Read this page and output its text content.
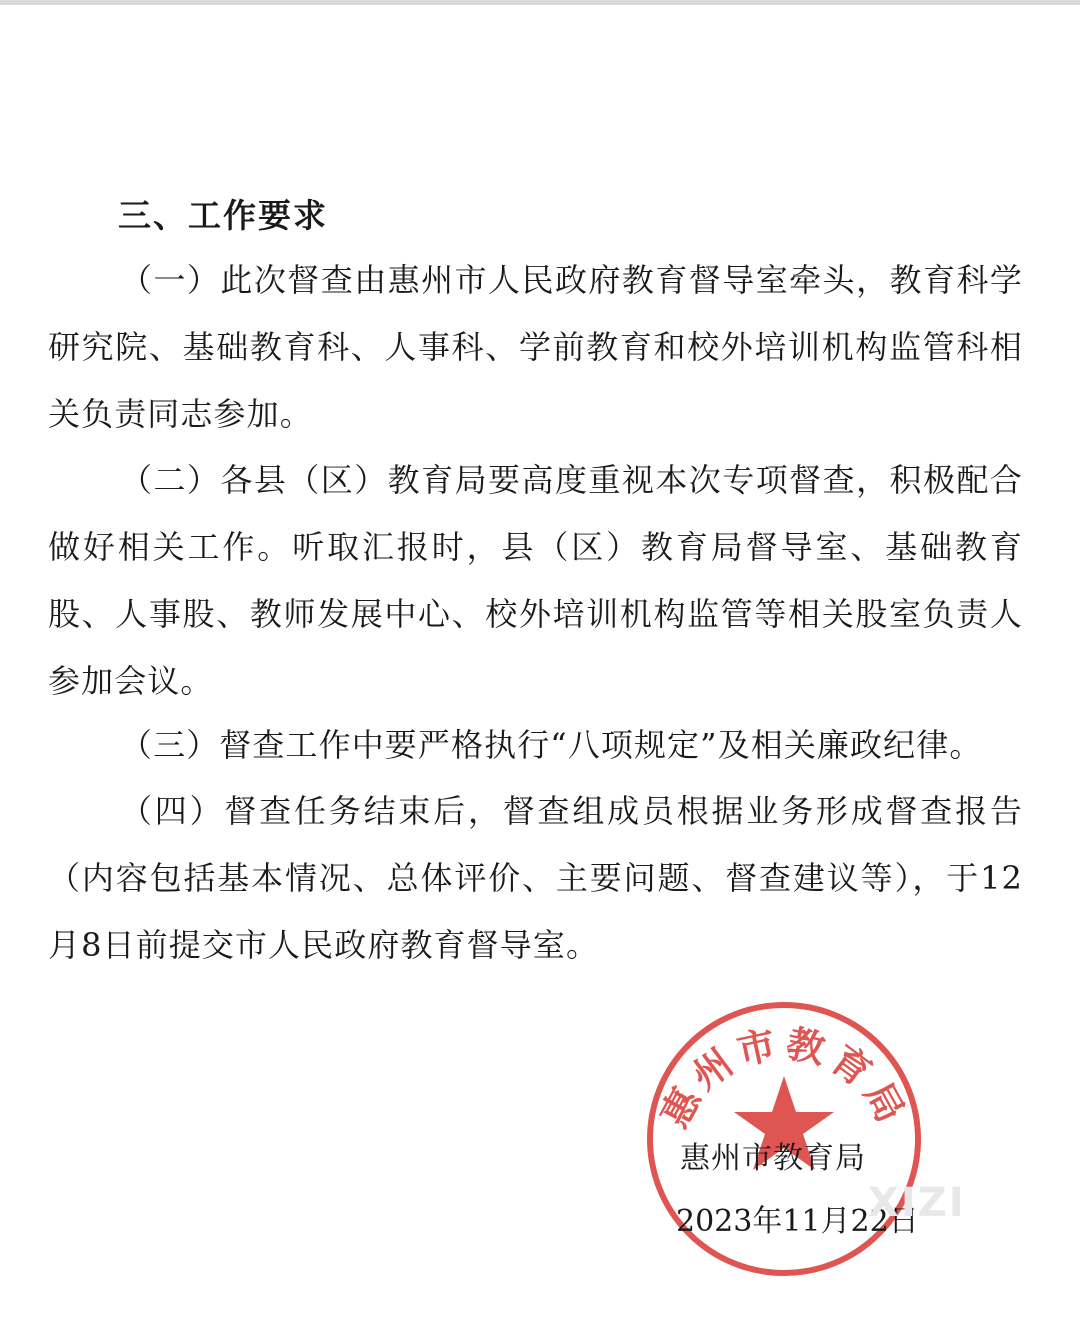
三、工作要求

（一）此次督查由惠州市人民政府教育督导室牵头，教育科学研究院、基础教育科、人事科、学前教育和校外培训机构监管科相关负责同志参加。

（二）各县（区）教育局要高度重视本次专项督查，积极配合做好相关工作。听取汇报时，县（区）教育局督导室、基础教育股、人事股、教师发展中心、校外培训机构监管等相关股室负责人参加会议。

（三）督查工作中要严格执行“八项规定”及相关廉政纪律。

（四）督查任务结束后，督查组成员根据业务形成督查报告（内容包括基本情况、总体评价、主要问题、督查建议等），于12月8日前提交市人民政府教育督导室。

惠州市教育局
惠州市教育局
2023年11月22日
XIZI
